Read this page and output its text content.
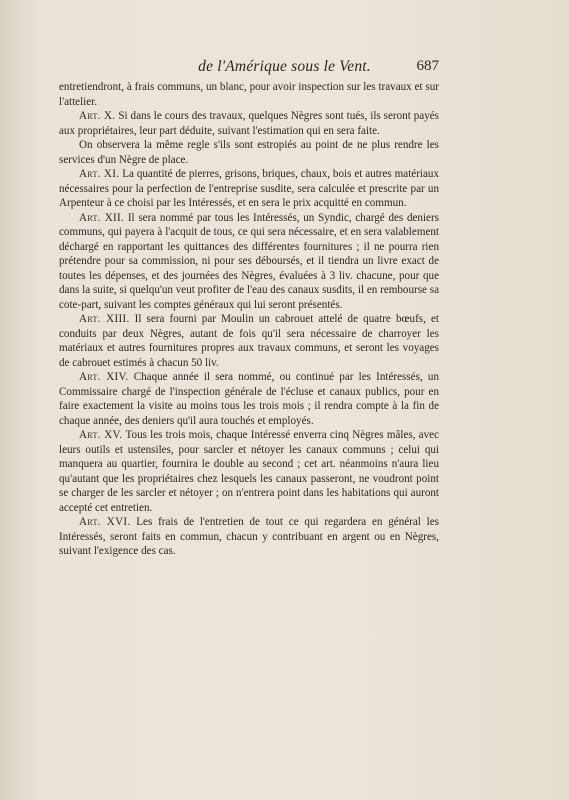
de l'Amérique sous le Vent.	687

entretiendront, à frais communs, un blanc, pour avoir inspection sur les travaux et sur l'attelier.

Art. X. Si dans le cours des travaux, quelques Nègres sont tués, ils seront payés aux propriétaires, leur part déduite, suivant l'estimation qui en sera faite.

On observera la même regle s'ils sont estropiés au point de ne plus rendre les services d'un Nègre de place.

Art. XI. La quantité de pierres, grisons, briques, chaux, bois et autres matériaux nécessaires pour la perfection de l'entreprise susdite, sera calculée et prescrite par un Arpenteur à ce choisi par les Intéressés, et en sera le prix acquitté en commun.

Art. XII. Il sera nommé par tous les Intéressés, un Syndic, chargé des deniers communs, qui payera à l'acquit de tous, ce qui sera nécessaire, et en sera valablement déchargé en rapportant les quittances des différentes fournitures ; il ne pourra rien prétendre pour sa commission, ni pour ses déboursés, et il tiendra un livre exact de toutes les dépenses, et des journées des Nègres, évaluées à 3 liv. chacune, pour que dans la suite, si quelqu'un veut profiter de l'eau des canaux susdits, il en rembourse sa cote-part, suivant les comptes généraux qui lui seront présentés.

Art. XIII. Il sera fourni par Moulin un cabrouet attelé de quatre bœufs, et conduits par deux Nègres, autant de fois qu'il sera nécessaire de charroyer les matériaux et autres fournitures propres aux travaux communs, et seront les voyages de cabrouet estimés à chacun 50 liv.

Art. XIV. Chaque année il sera nommé, ou continué par les Intéressés, un Commissaire chargé de l'inspection générale de l'écluse et canaux publics, pour en faire exactement la visite au moins tous les trois mois ; il rendra compte à la fin de chaque année, des deniers qu'il aura touchés et employés.

Art. XV. Tous les trois mois, chaque Intéressé enverra cinq Nègres mâles, avec leurs outils et ustensiles, pour sarcler et nétoyer les canaux communs ; celui qui manquera au quartier, fournira le double au second ; cet art. néanmoins n'aura lieu qu'autant que les propriétaires chez lesquels les canaux passeront, ne voudront point se charger de les sarcler et nétoyer ; on n'entrera point dans les habitations qui auront accepté cet entretien.

Art. XVI. Les frais de l'entretien de tout ce qui regardera en général les Intéressés, seront faits en commun, chacun y contribuant en argent ou en Nègres, suivant l'exigence des cas.
